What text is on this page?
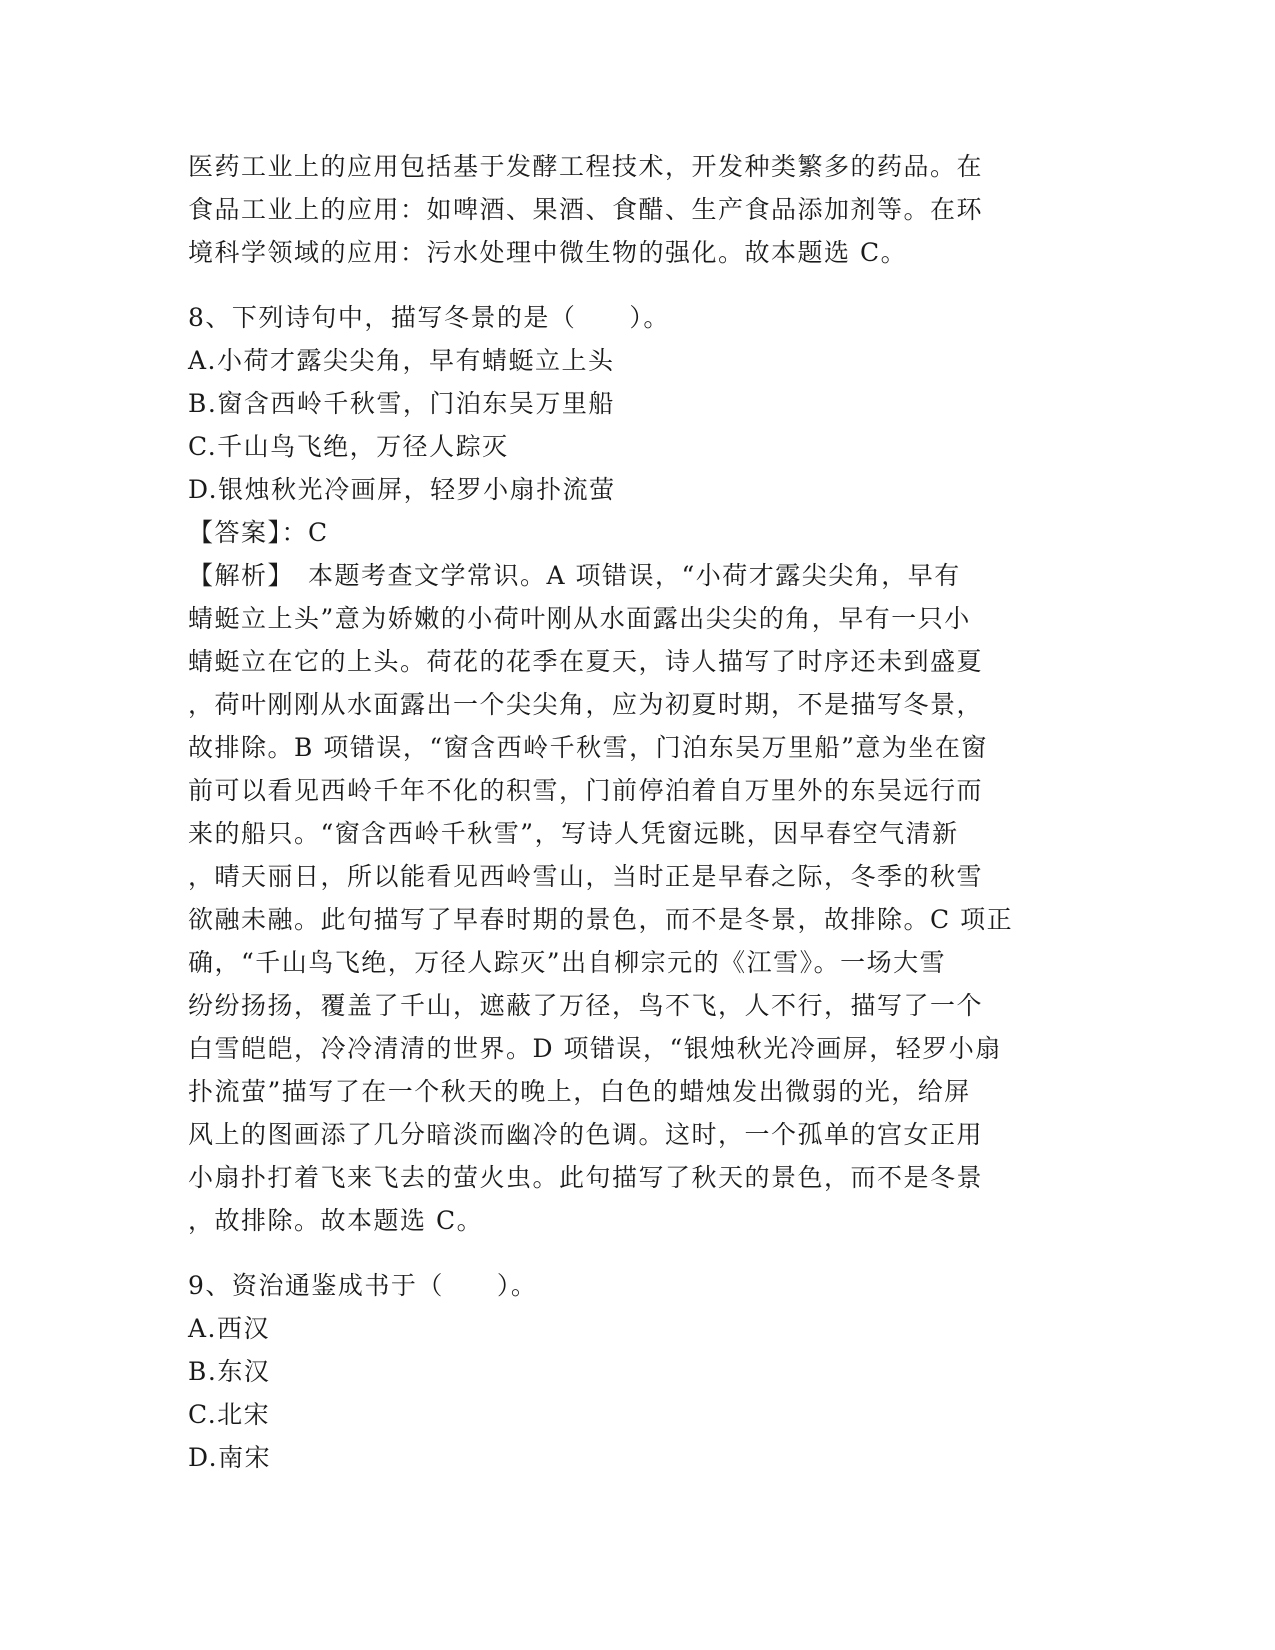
医药工业上的应用包括基于发酵工程技术，开发种类繁多的药品。在
食品工业上的应用：如啤酒、果酒、食醋、生产食品添加剂等。在环
境科学领域的应用：污水处理中微生物的强化。故本题选 C。
8、下列诗句中，描写冬景的是（　　）。
A.小荷才露尖尖角，早有蜻蜓立上头
B.窗含西岭千秋雪，门泊东吴万里船
C.千山鸟飞绝，万径人踪灭
D.银烛秋光冷画屏，轻罗小扇扑流萤
【答案】：C
【解析】　本题考查文学常识。A 项错误，“小荷才露尖尖角，早有
蜻蜓立上头”意为娇嫩的小荷叶刚从水面露出尖尖的角，早有一只小
蜻蜓立在它的上头。荷花的花季在夏天，诗人描写了时序还未到盛夏
，荷叶刚刚从水面露出一个尖尖角，应为初夏时期，不是描写冬景，
故排除。B 项错误，“窗含西岭千秋雪，门泊东吴万里船”意为坐在窗
前可以看见西岭千年不化的积雪，门前停泊着自万里外的东吴远行而
来的船只。“窗含西岭千秋雪”，写诗人凭窗远眺，因早春空气清新
，晴天丽日，所以能看见西岭雪山，当时正是早春之际，冬季的秋雪
欲融未融。此句描写了早春时期的景色，而不是冬景，故排除。C 项正
确，“千山鸟飞绝，万径人踪灭”出自柳宗元的《江雪》。一场大雪
纷纷扬扬，覆盖了千山，遮蔽了万径，鸟不飞，人不行，描写了一个
白雪皑皑，冷冷清清的世界。D 项错误，“银烛秋光冷画屏，轻罗小扇
扑流萤”描写了在一个秋天的晚上，白色的蜡烛发出微弱的光，给屏
风上的图画添了几分暗淡而幽冷的色调。这时，一个孤单的宫女正用
小扇扑打着飞来飞去的萤火虫。此句描写了秋天的景色，而不是冬景
，故排除。故本题选 C。
9、资治通鉴成书于（　　）。
A.西汉
B.东汉
C.北宋
D.南宋
